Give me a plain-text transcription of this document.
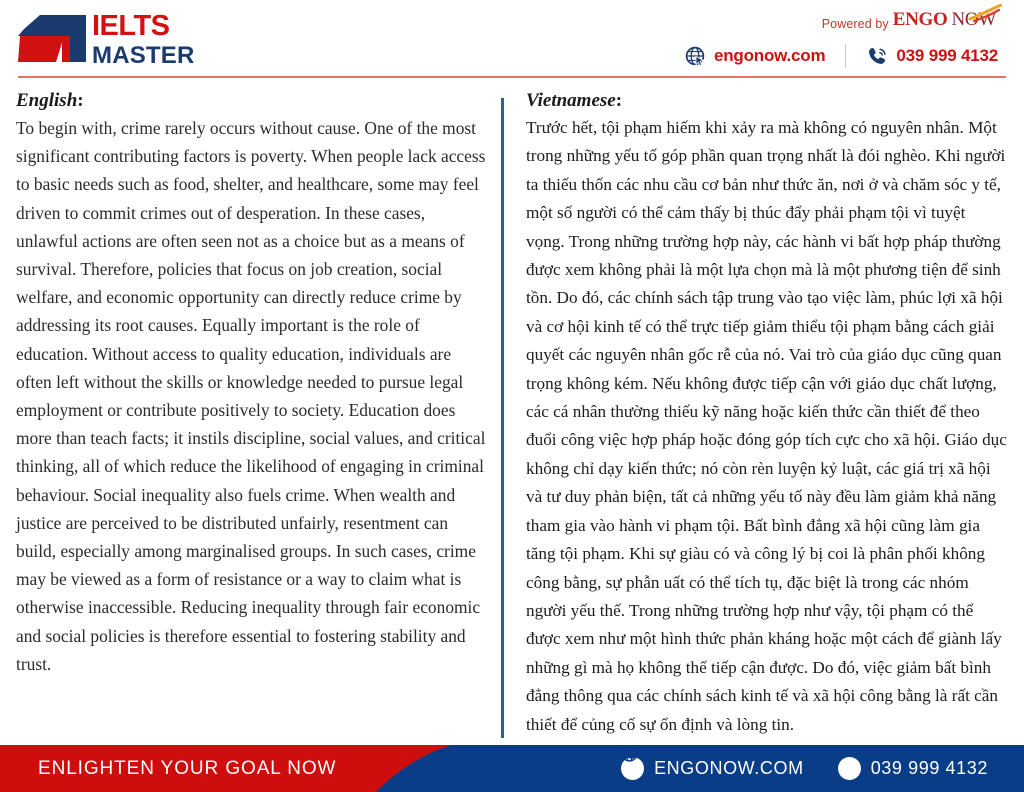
IELTS
MASTER
Powered by ENGO NOW
engonow.com	039 999 4132
English:
To begin with, crime rarely occurs without cause. One of the most significant contributing factors is poverty. When people lack access to basic needs such as food, shelter, and healthcare, some may feel driven to commit crimes out of desperation. In these cases, unlawful actions are often seen not as a choice but as a means of survival. Therefore, policies that focus on job creation, social welfare, and economic opportunity can directly reduce crime by addressing its root causes. Equally important is the role of education. Without access to quality education, individuals are often left without the skills or knowledge needed to pursue legal employment or contribute positively to society. Education does more than teach facts; it instils discipline, social values, and critical thinking, all of which reduce the likelihood of engaging in criminal behaviour. Social inequality also fuels crime. When wealth and justice are perceived to be distributed unfairly, resentment can build, especially among marginalised groups. In such cases, crime may be viewed as a form of resistance or a way to claim what is otherwise inaccessible. Reducing inequality through fair economic and social policies is therefore essential to fostering stability and trust.
Vietnamese:
Trước hết, tội phạm hiếm khi xảy ra mà không có nguyên nhân. Một trong những yếu tố góp phần quan trọng nhất là đói nghèo. Khi người ta thiếu thốn các nhu cầu cơ bản như thức ăn, nơi ở và chăm sóc y tế, một số người có thể cảm thấy bị thúc đẩy phải phạm tội vì tuyệt vọng. Trong những trường hợp này, các hành vi bất hợp pháp thường được xem không phải là một lựa chọn mà là một phương tiện để sinh tồn. Do đó, các chính sách tập trung vào tạo việc làm, phúc lợi xã hội và cơ hội kinh tế có thể trực tiếp giảm thiểu tội phạm bằng cách giải quyết các nguyên nhân gốc rễ của nó. Vai trò của giáo dục cũng quan trọng không kém. Nếu không được tiếp cận với giáo dục chất lượng, các cá nhân thường thiếu kỹ năng hoặc kiến thức cần thiết để theo đuổi công việc hợp pháp hoặc đóng góp tích cực cho xã hội. Giáo dục không chỉ dạy kiến thức; nó còn rèn luyện kỷ luật, các giá trị xã hội và tư duy phản biện, tất cả những yếu tố này đều làm giảm khả năng tham gia vào hành vi phạm tội. Bất bình đẳng xã hội cũng làm gia tăng tội phạm. Khi sự giàu có và công lý bị coi là phân phối không công bằng, sự phẫn uất có thể tích tụ, đặc biệt là trong các nhóm người yếu thế. Trong những trường hợp như vậy, tội phạm có thể được xem như một hình thức phản kháng hoặc một cách để giành lấy những gì mà họ không thể tiếp cận được. Do đó, việc giảm bất bình đẳng thông qua các chính sách kinh tế và xã hội công bằng là rất cần thiết để củng cố sự ổn định và lòng tin.
ENLIGHTEN YOUR GOAL NOW	ENGONOW.COM	039 999 4132
